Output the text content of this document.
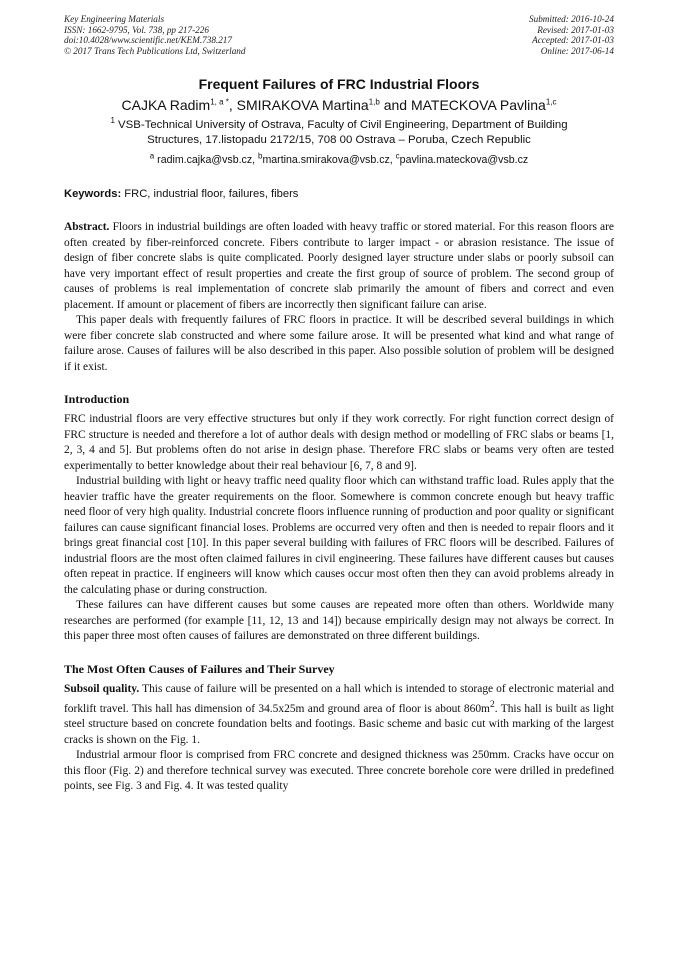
Key Engineering Materials
ISSN: 1662-9795, Vol. 738, pp 217-226
doi:10.4028/www.scientific.net/KEM.738.217
© 2017 Trans Tech Publications Ltd, Switzerland
Submitted: 2016-10-24
Revised: 2017-01-03
Accepted: 2017-01-03
Online: 2017-06-14
Frequent Failures of FRC Industrial Floors
CAJKA Radim$^{1, a *}$, SMIRAKOVA Martina$^{1,b}$ and MATECKOVA Pavlina$^{1,c}$
$^1$ VSB-Technical University of Ostrava, Faculty of Civil Engineering, Department of Building
Structures, 17.listopadu 2172/15, 708 00 Ostrava – Poruba, Czech Republic
$^a$ radim.cajka@vsb.cz, $^b$martina.smirakova@vsb.cz, $^c$pavlina.mateckova@vsb.cz
Keywords: FRC, industrial floor, failures, fibers

Abstract. Floors in industrial buildings are often loaded with heavy traffic or stored material. For this reason floors are often created by fiber-reinforced concrete. Fibers contribute to larger impact - or abrasion resistance. The issue of design of fiber concrete slabs is quite complicated. Poorly designed layer structure under slabs or poorly subsoil can have very important effect of result properties and create the first group of source of problem. The second group of causes of problems is real implementation of concrete slab primarily the amount of fibers and correct and even placement. If amount or placement of fibers are incorrectly then significant failure can arise.

This paper deals with frequently failures of FRC floors in practice. It will be described several buildings in which were fiber concrete slab constructed and where some failure arose. It will be presented what kind and what range of failure arose. Causes of failures will be also described in this paper. Also possible solution of problem will be designed if it exist.

Introduction

FRC industrial floors are very effective structures but only if they work correctly. For right function correct design of FRC structure is needed and therefore a lot of author deals with design method or modelling of FRC slabs or beams [1, 2, 3, 4 and 5]. But problems often do not arise in design phase. Therefore FRC slabs or beams very often are tested experimentally to better knowledge about their real behaviour [6, 7, 8 and 9].

Industrial building with light or heavy traffic need quality floor which can withstand traffic load. Rules apply that the heavier traffic have the greater requirements on the floor. Somewhere is common concrete enough but heavy traffic need floor of very high quality. Industrial concrete floors influence running of production and poor quality or significant failures can cause significant financial loses. Problems are occurred very often and then is needed to repair floors and it brings great financial cost [10]. In this paper several building with failures of FRC floors will be described. Failures of industrial floors are the most often claimed failures in civil engineering. These failures have different causes but causes often repeat in practice. If engineers will know which causes occur most often then they can avoid problems already in the calculating phase or during construction.

These failures can have different causes but some causes are repeated more often than others. Worldwide many researches are performed (for example [11, 12, 13 and 14]) because empirically design may not always be correct. In this paper three most often causes of failures are demonstrated on three different buildings.

The Most Often Causes of Failures and Their Survey

Subsoil quality. This cause of failure will be presented on a hall which is intended to storage of electronic material and forklift travel. This hall has dimension of 34.5x25m and ground area of floor is about $860m^2$. This hall is built as light steel structure based on concrete foundation belts and footings. Basic scheme and basic cut with marking of the largest cracks is shown on the Fig. 1.

Industrial armour floor is comprised from FRC concrete and designed thickness was 250mm. Cracks have occur on this floor (Fig. 2) and therefore technical survey was executed. Three concrete borehole core were drilled in predefined points, see Fig. 3 and Fig. 4. It was tested quality
